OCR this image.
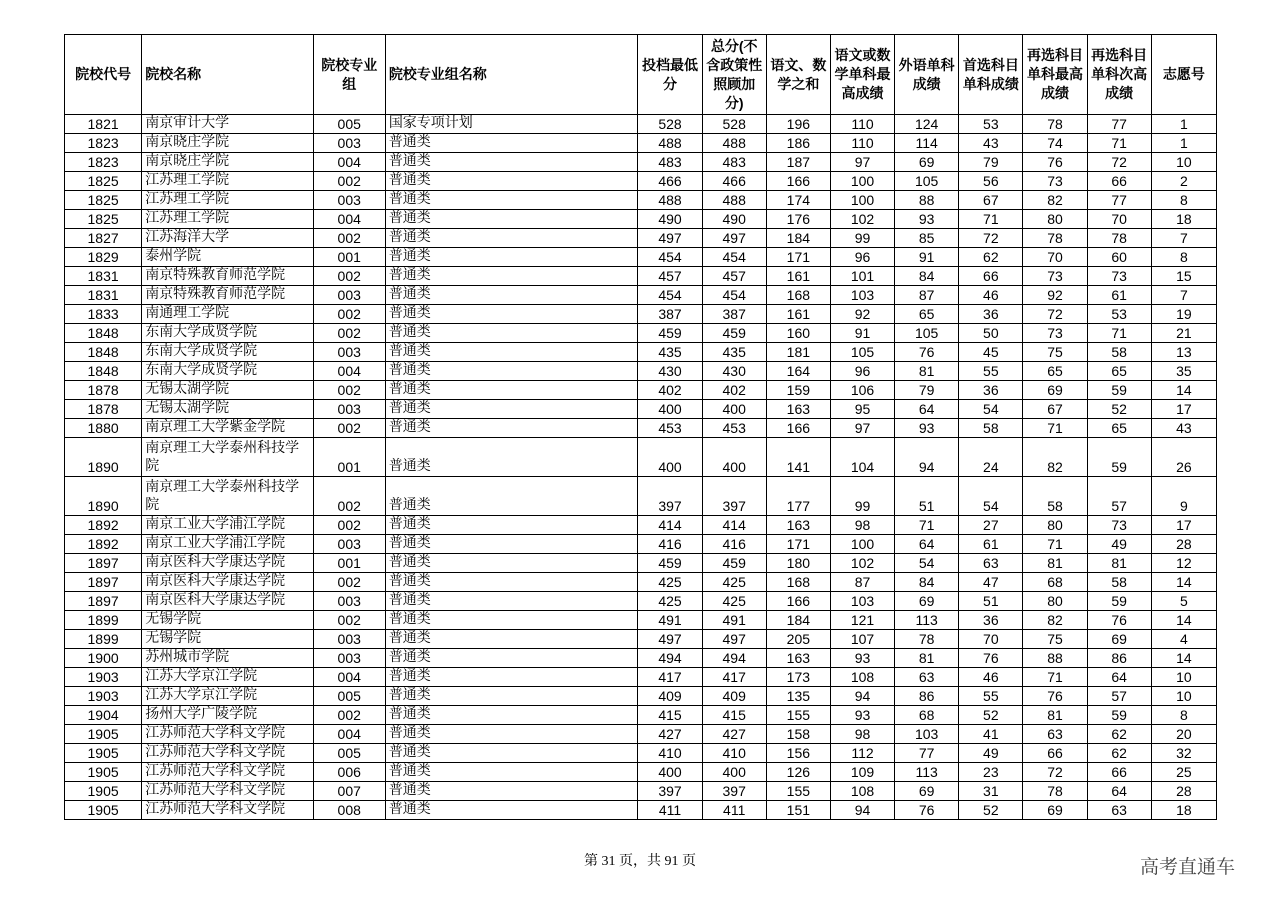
院校代号	院校名称	院校专业组	院校专业组名称	投档最低分	总分(不含政策性照顾加分)	语文、数学之和	语文或数学单科最高成绩	外语单科成绩	首选科目单科成绩	再选科目单科最高成绩	再选科目单科次高成绩	志愿号
1821	南京审计大学	005	国家专项计划	528	528	196	110	124	53	78	77	1
1823	南京晓庄学院	003	普通类	488	488	186	110	114	43	74	71	1
1823	南京晓庄学院	004	普通类	483	483	187	97	69	79	76	72	10
1825	江苏理工学院	002	普通类	466	466	166	100	105	56	73	66	2
1825	江苏理工学院	003	普通类	488	488	174	100	88	67	82	77	8
1825	江苏理工学院	004	普通类	490	490	176	102	93	71	80	70	18
1827	江苏海洋大学	002	普通类	497	497	184	99	85	72	78	78	7
1829	泰州学院	001	普通类	454	454	171	96	91	62	70	60	8
1831	南京特殊教育师范学院	002	普通类	457	457	161	101	84	66	73	73	15
1831	南京特殊教育师范学院	003	普通类	454	454	168	103	87	46	92	61	7
1833	南通理工学院	002	普通类	387	387	161	92	65	36	72	53	19
1848	东南大学成贤学院	002	普通类	459	459	160	91	105	50	73	71	21
1848	东南大学成贤学院	003	普通类	435	435	181	105	76	45	75	58	13
1848	东南大学成贤学院	004	普通类	430	430	164	96	81	55	65	65	35
1878	无锡太湖学院	002	普通类	402	402	159	106	79	36	69	59	14
1878	无锡太湖学院	003	普通类	400	400	163	95	64	54	67	52	17
1880	南京理工大学紫金学院	002	普通类	453	453	166	97	93	58	71	65	43
1890	南京理工大学泰州科技学院	001	普通类	400	400	141	104	94	24	82	59	26
1890	南京理工大学泰州科技学院	002	普通类	397	397	177	99	51	54	58	57	9
1892	南京工业大学浦江学院	002	普通类	414	414	163	98	71	27	80	73	17
1892	南京工业大学浦江学院	003	普通类	416	416	171	100	64	61	71	49	28
1897	南京医科大学康达学院	001	普通类	459	459	180	102	54	63	81	81	12
1897	南京医科大学康达学院	002	普通类	425	425	168	87	84	47	68	58	14
1897	南京医科大学康达学院	003	普通类	425	425	166	103	69	51	80	59	5
1899	无锡学院	002	普通类	491	491	184	121	113	36	82	76	14
1899	无锡学院	003	普通类	497	497	205	107	78	70	75	69	4
1900	苏州城市学院	003	普通类	494	494	163	93	81	76	88	86	14
1903	江苏大学京江学院	004	普通类	417	417	173	108	63	46	71	64	10
1903	江苏大学京江学院	005	普通类	409	409	135	94	86	55	76	57	10
1904	扬州大学广陵学院	002	普通类	415	415	155	93	68	52	81	59	8
1905	江苏师范大学科文学院	004	普通类	427	427	158	98	103	41	63	62	20
1905	江苏师范大学科文学院	005	普通类	410	410	156	112	77	49	66	62	32
1905	江苏师范大学科文学院	006	普通类	400	400	126	109	113	23	72	66	25
1905	江苏师范大学科文学院	007	普通类	397	397	155	108	69	31	78	64	28
1905	江苏师范大学科文学院	008	普通类	411	411	151	94	76	52	69	63	18
第 31 页，共 91 页	高考直通车
